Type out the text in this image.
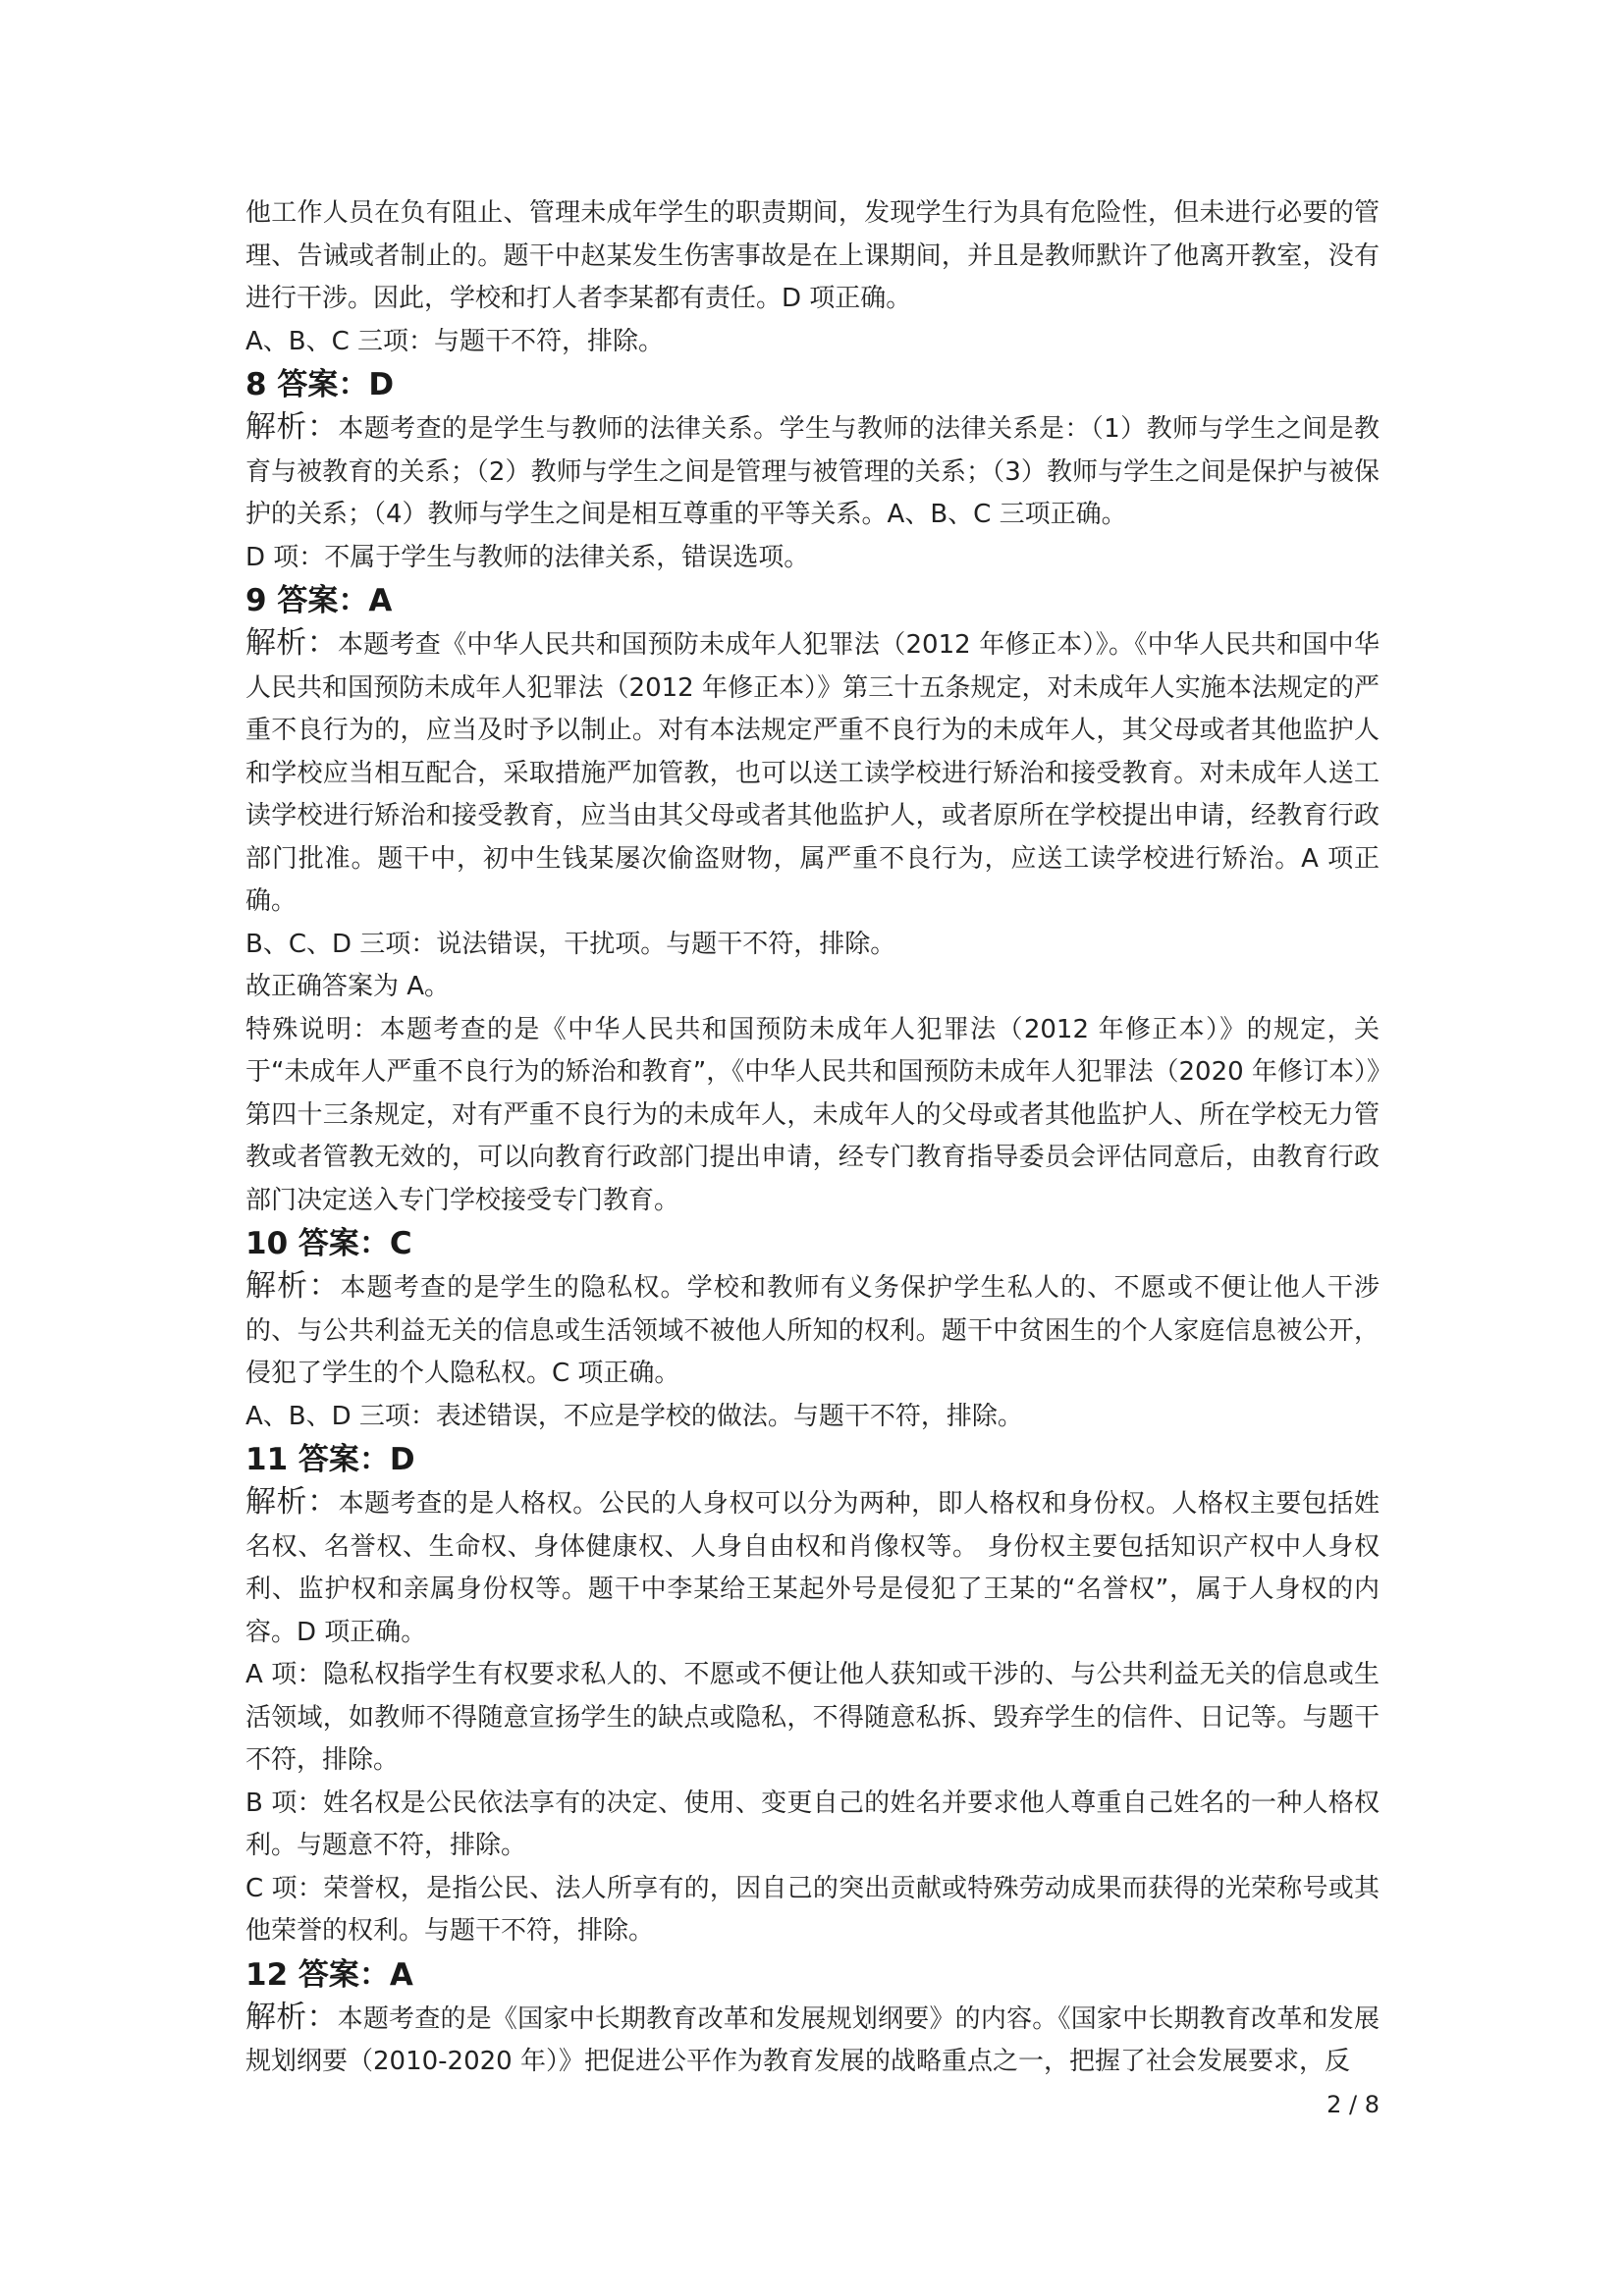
他工作人员在负有阻止、管理未成年学生的职责期间，发现学生行为具有危险性，但未进行必要的管理、告诫或者制止的。题干中赵某发生伤害事故是在上课期间，并且是教师默许了他离开教室，没有进行干涉。因此，学校和打人者李某都有责任。D 项正确。

A、B、C 三项：与题干不符，排除。

8 答案：D

解析：本题考查的是学生与教师的法律关系。学生与教师的法律关系是：（1）教师与学生之间是教育与被教育的关系；（2）教师与学生之间是管理与被管理的关系；（3）教师与学生之间是保护与被保护的关系；（4）教师与学生之间是相互尊重的平等关系。A、B、C 三项正确。

D 项：不属于学生与教师的法律关系，错误选项。

9 答案：A

解析：本题考查《中华人民共和国预防未成年人犯罪法（2012 年修正本）》。《中华人民共和国中华人民共和国预防未成年人犯罪法（2012 年修正本）》第三十五条规定，对未成年人实施本法规定的严重不良行为的，应当及时予以制止。对有本法规定严重不良行为的未成年人，其父母或者其他监护人和学校应当相互配合，采取措施严加管教，也可以送工读学校进行矫治和接受教育。对未成年人送工读学校进行矫治和接受教育，应当由其父母或者其他监护人，或者原所在学校提出申请，经教育行政部门批准。题干中，初中生钱某屡次偷盗财物，属严重不良行为，应送工读学校进行矫治。A 项正确。

B、C、D 三项：说法错误，干扰项。与题干不符，排除。

故正确答案为 A。

特殊说明：本题考查的是《中华人民共和国预防未成年人犯罪法（2012 年修正本）》的规定，关于“未成年人严重不良行为的矫治和教育”，《中华人民共和国预防未成年人犯罪法（2020 年修订本）》第四十三条规定，对有严重不良行为的未成年人，未成年人的父母或者其他监护人、所在学校无力管教或者管教无效的，可以向教育行政部门提出申请，经专门教育指导委员会评估同意后，由教育行政部门决定送入专门学校接受专门教育。

10 答案：C

解析：本题考查的是学生的隐私权。学校和教师有义务保护学生私人的、不愿或不便让他人干涉的、与公共利益无关的信息或生活领域不被他人所知的权利。题干中贫困生的个人家庭信息被公开，侵犯了学生的个人隐私权。C 项正确。

A、B、D 三项：表述错误，不应是学校的做法。与题干不符，排除。

11 答案：D

解析：本题考查的是人格权。公民的人身权可以分为两种，即人格权和身份权。人格权主要包括姓名权、名誉权、生命权、身体健康权、人身自由权和肖像权等。 身份权主要包括知识产权中人身权利、监护权和亲属身份权等。题干中李某给王某起外号是侵犯了王某的“名誉权”，属于人身权的内容。D 项正确。

A 项：隐私权指学生有权要求私人的、不愿或不便让他人获知或干涉的、与公共利益无关的信息或生活领域，如教师不得随意宣扬学生的缺点或隐私，不得随意私拆、毁弃学生的信件、日记等。与题干不符，排除。

B 项：姓名权是公民依法享有的决定、使用、变更自己的姓名并要求他人尊重自己姓名的一种人格权利。与题意不符，排除。

C 项：荣誉权，是指公民、法人所享有的，因自己的突出贡献或特殊劳动成果而获得的光荣称号或其他荣誉的权利。与题干不符，排除。

12 答案：A

解析：本题考查的是《国家中长期教育改革和发展规划纲要》的内容。《国家中长期教育改革和发展规划纲要（2010-2020 年）》把促进公平作为教育发展的战略重点之一，把握了社会发展要求，反

2 / 8
